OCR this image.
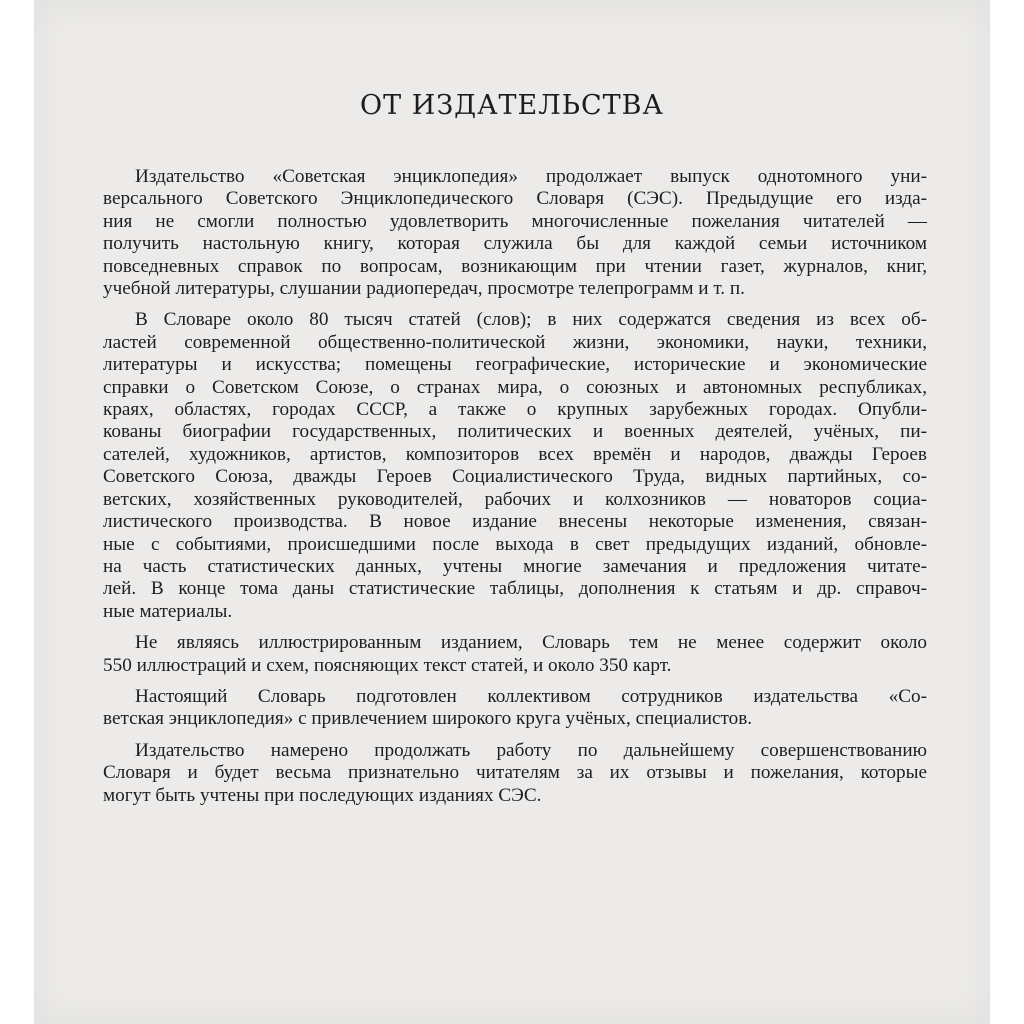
ОТ ИЗДАТЕЛЬСТВА

Издательство «Советская энциклопедия» продолжает выпуск однотомного уни-
версального Советского Энциклопедического Словаря (СЭС). Предыдущие его изда-
ния не смогли полностью удовлетворить многочисленные пожелания читателей —
получить настольную книгу, которая служила бы для каждой семьи источником
повседневных справок по вопросам, возникающим при чтении газет, журналов, книг,
учебной литературы, слушании радиопередач, просмотре телепрограмм и т. п.

В Словаре около 80 тысяч статей (слов); в них содержатся сведения из всех об-
ластей современной общественно-политической жизни, экономики, науки, техники,
литературы и искусства; помещены географические, исторические и экономические
справки о Советском Союзе, о странах мира, о союзных и автономных республиках,
краях, областях, городах СССР, а также о крупных зарубежных городах. Опубли-
кованы биографии государственных, политических и военных деятелей, учёных, пи-
сателей, художников, артистов, композиторов всех времён и народов, дважды Героев
Советского Союза, дважды Героев Социалистического Труда, видных партийных, со-
ветских, хозяйственных руководителей, рабочих и колхозников — новаторов социа-
листического производства. В новое издание внесены некоторые изменения, связан-
ные с событиями, происшедшими после выхода в свет предыдущих изданий, обновле-
на часть статистических данных, учтены многие замечания и предложения читате-
лей. В конце тома даны статистические таблицы, дополнения к статьям и др. справоч-
ные материалы.

Не являясь иллюстрированным изданием, Словарь тем не менее содержит около
550 иллюстраций и схем, поясняющих текст статей, и около 350 карт.

Настоящий Словарь подготовлен коллективом сотрудников издательства «Со-
ветская энциклопедия» с привлечением широкого круга учёных, специалистов.

Издательство намерено продолжать работу по дальнейшему совершенствованию
Словаря и будет весьма признательно читателям за их отзывы и пожелания, которые
могут быть учтены при последующих изданиях СЭС.
